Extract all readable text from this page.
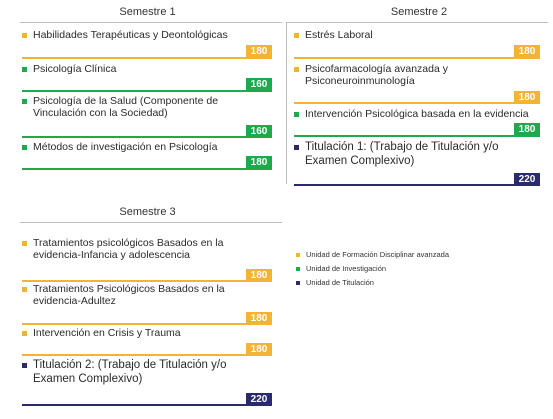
Semestre 1
Habilidades Terapéuticas y Deontológicas
180
Psicología Clínica
160
Psicología de la Salud (Componente de Vinculación con la Sociedad)
160
Métodos de investigación en Psicología
180
Semestre 2
Estrés Laboral
180
Psicofarmacología avanzada y Psiconeuroinmunología
180
Intervención Psicológica basada en la evidencia
180
Titulación 1: (Trabajo de Titulación y/o Examen Complexivo)
220
Semestre 3
Tratamientos psicológicos Basados en la evidencia-Infancia y adolescencia
180
Tratamientos Psicológicos Basados en la evidencia-Adultez
180
Intervención en Crisis y Trauma
180
Titulación 2: (Trabajo de Titulación y/o Examen Complexivo)
220
Unidad de Formación Disciplinar avanzada
Unidad de Investigación
Unidad de Titulación
